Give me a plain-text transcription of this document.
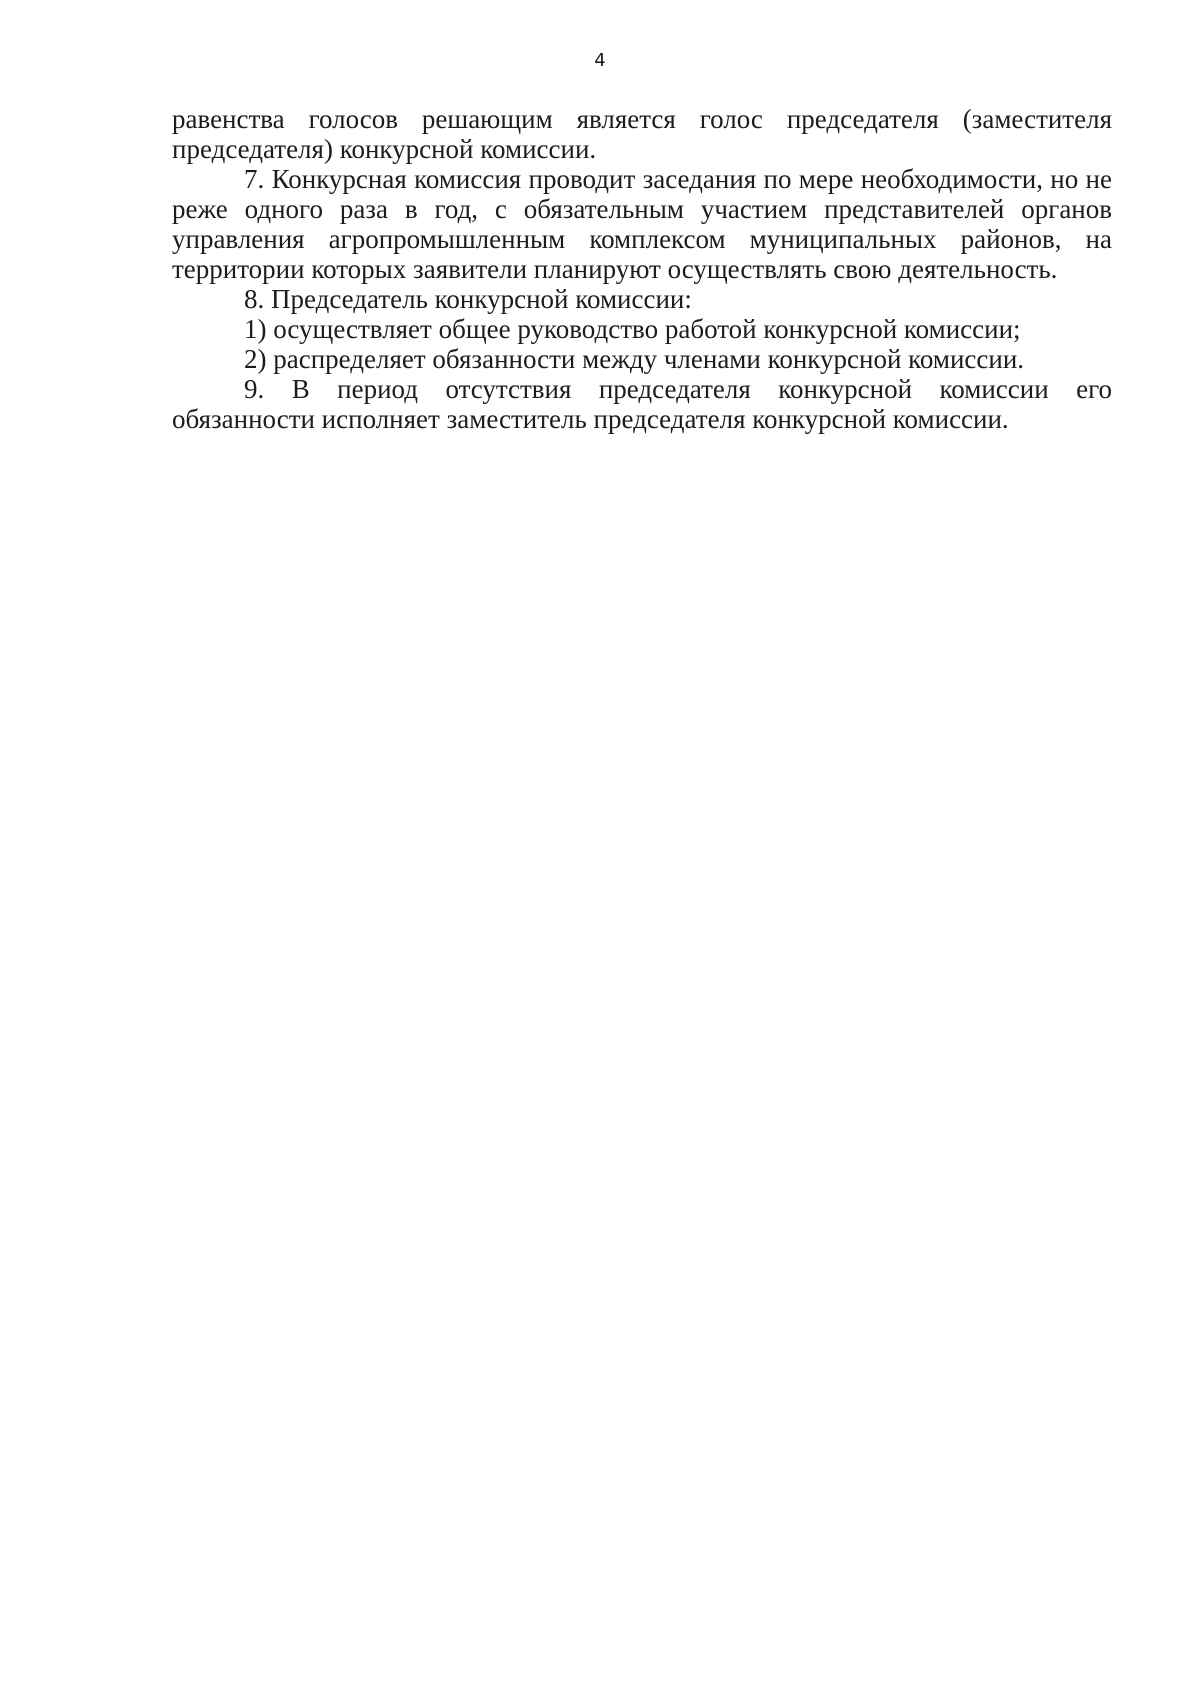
4

равенства голосов решающим является голос председателя (заместителя председателя) конкурсной комиссии.

7. Конкурсная комиссия проводит заседания по мере необходимости, но не реже одного раза в год, с обязательным участием представителей органов управления агропромышленным комплексом муниципальных районов, на территории которых заявители планируют осуществлять свою деятельность.

8. Председатель конкурсной комиссии:

1) осуществляет общее руководство работой конкурсной комиссии;

2) распределяет обязанности между членами конкурсной комиссии.

9. В период отсутствия председателя конкурсной комиссии его обязанности исполняет заместитель председателя конкурсной комиссии.
